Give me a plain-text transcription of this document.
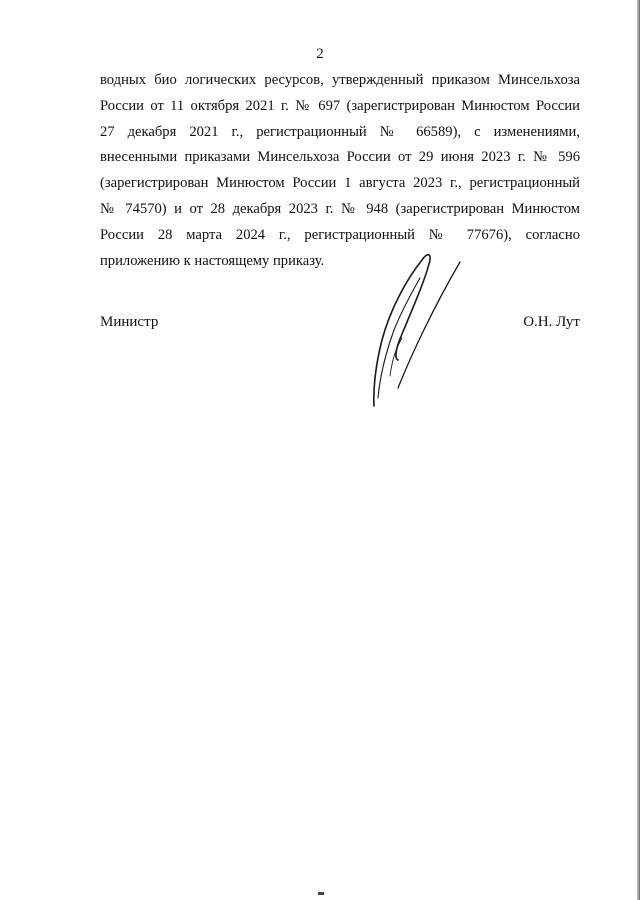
2
водных био логических ресурсов, утвержденный приказом Минсельхоза
России от 11 октября 2021 г. № 697 (зарегистрирован Минюстом России
27 декабря 2021 г., регистрационный № 66589), с изменениями,
внесенными приказами Минсельхоза России от 29 июня 2023 г. № 596
(зарегистрирован Минюстом России 1 августа 2023 г., регистрационный
№ 74570) и от 28 декабря 2023 г. № 948 (зарегистрирован Минюстом
России 28 марта 2024 г., регистрационный № 77676), согласно
приложению к настоящему приказу.
Министр	О.Н. Лут
